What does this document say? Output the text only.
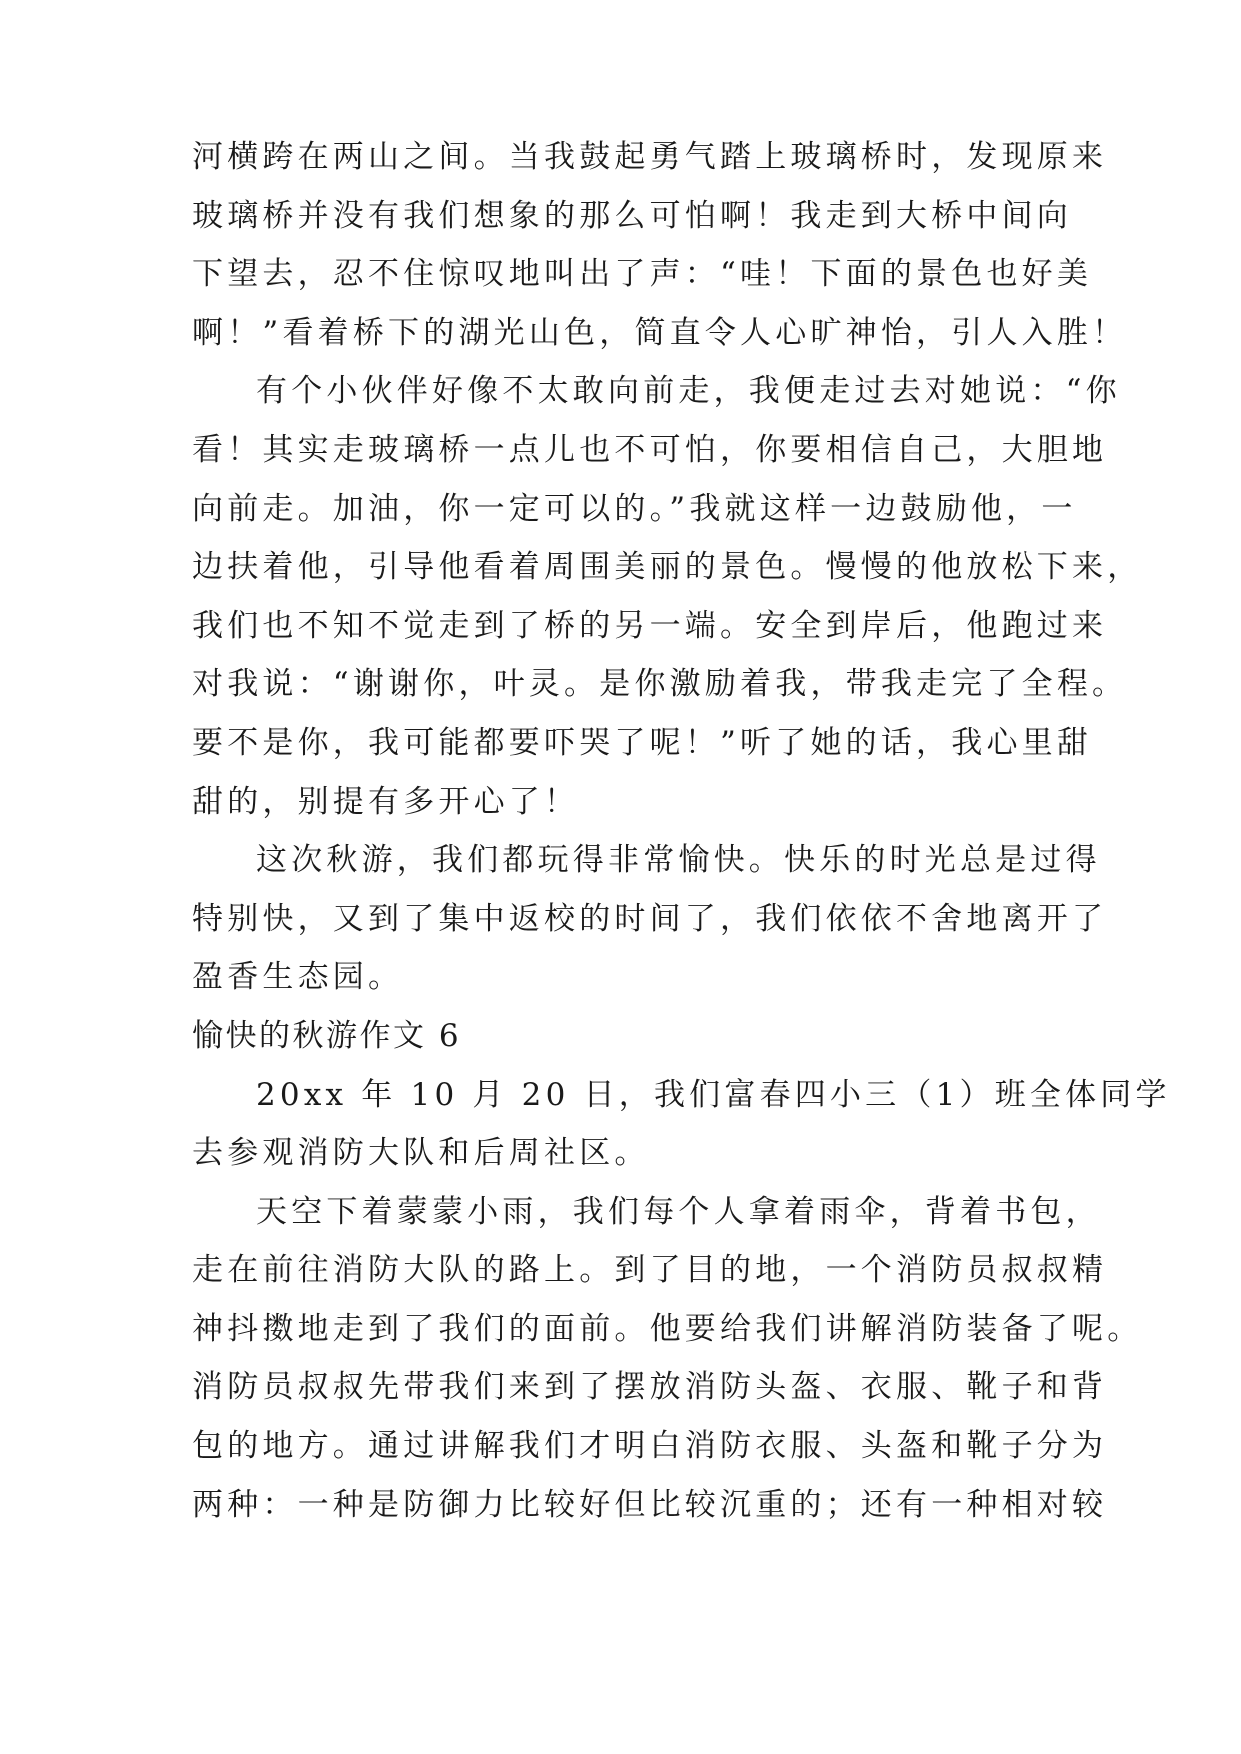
河横跨在两山之间。当我鼓起勇气踏上玻璃桥时，发现原来
玻璃桥并没有我们想象的那么可怕啊！我走到大桥中间向
下望去，忍不住惊叹地叫出了声：“哇！下面的景色也好美
啊！”看着桥下的湖光山色，简直令人心旷神怡，引人入胜！
有个小伙伴好像不太敢向前走，我便走过去对她说：“你
看！其实走玻璃桥一点儿也不可怕，你要相信自己，大胆地
向前走。加油，你一定可以的。”我就这样一边鼓励他，一
边扶着他，引导他看着周围美丽的景色。慢慢的他放松下来，
我们也不知不觉走到了桥的另一端。安全到岸后，他跑过来
对我说：“谢谢你，叶灵。是你激励着我，带我走完了全程。
要不是你，我可能都要吓哭了呢！”听了她的话，我心里甜
甜的，别提有多开心了！
这次秋游，我们都玩得非常愉快。快乐的时光总是过得
特别快，又到了集中返校的时间了，我们依依不舍地离开了
盈香生态园。
愉快的秋游作文 6
20xx 年 10 月 20 日，我们富春四小三（1）班全体同学
去参观消防大队和后周社区。
天空下着蒙蒙小雨，我们每个人拿着雨伞，背着书包，
走在前往消防大队的路上。到了目的地，一个消防员叔叔精
神抖擞地走到了我们的面前。他要给我们讲解消防装备了呢。
消防员叔叔先带我们来到了摆放消防头盔、衣服、靴子和背
包的地方。通过讲解我们才明白消防衣服、头盔和靴子分为
两种：一种是防御力比较好但比较沉重的；还有一种相对较
